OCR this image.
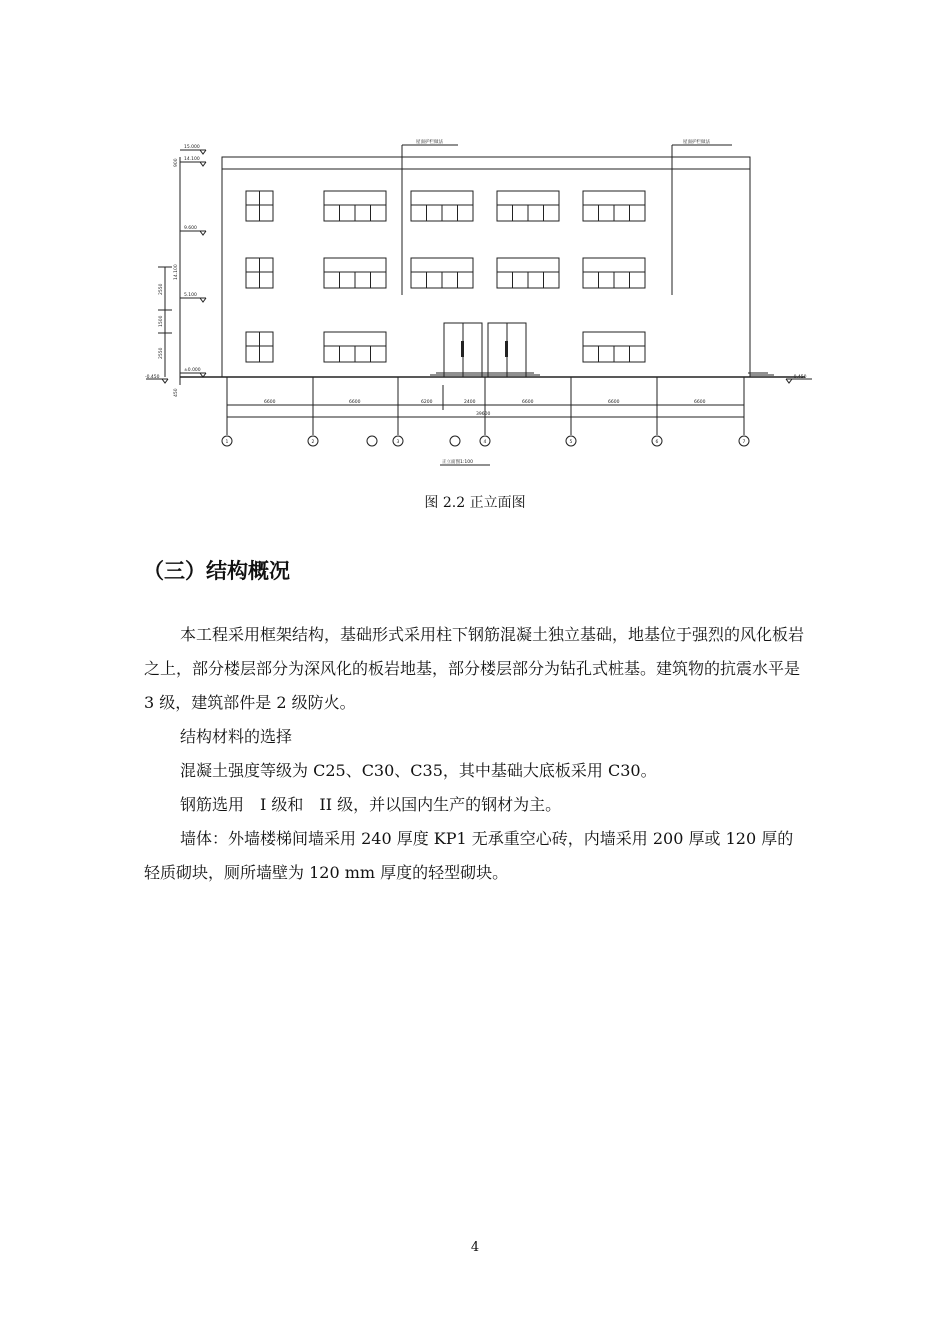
屋面护栏做法	屋面护栏做法
15.000
14.100
9.600
5.100
±0.000
-0.450	-0.450
900
14.100
2550
1500
2550
450
6600	6600	6200	2400	6600	6600	6600
39600
1	2	3	4	5	6	7
正立面图1:100
图 2.2 正立面图
（三）结构概况

本工程采用框架结构，基础形式采用柱下钢筋混凝土独立基础，地基位于强烈的风化板岩之上，部分楼层部分为深风化的板岩地基，部分楼层部分为钻孔式桩基。建筑物的抗震水平是 3 级，建筑部件是 2 级防火。

结构材料的选择

混凝土强度等级为 C25、C30、C35，其中基础大底板采用 C30。

钢筋选用　I 级和　II 级，并以国内生产的钢材为主。

墙体：外墙楼梯间墙采用 240 厚度 KP1 无承重空心砖，内墙采用 200 厚或 120 厚的轻质砌块，厕所墙壁为 120 mm 厚度的轻型砌块。

4
